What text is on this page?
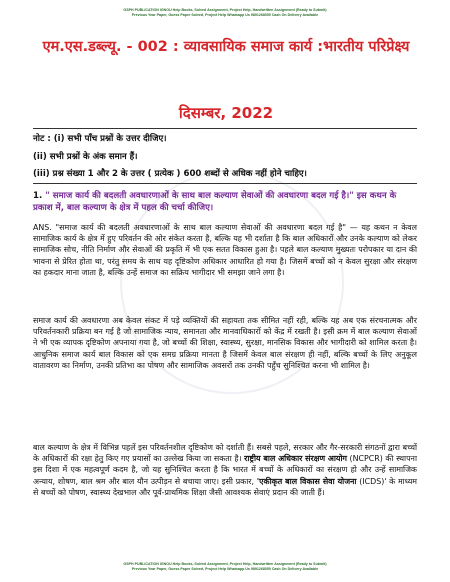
GSPH PUBLICATION IGNOU Help Books, Solved Assignment, Project Help, Handwritten Assignment (Ready to Submit)
Previous Year Paper, Guess Paper Solved, Project Help Whatsapp Us 9891268050 Cash On Delivery Available
एम.एस.डब्ल्यू. - 002 : व्यावसायिक समाज कार्य :भारतीय परिप्रेक्ष्य
दिसम्बर, 2022
नोट : (i) सभी पाँच प्रश्नों के उत्तर दीजिए।
(ii) सभी प्रश्नों के अंक समान हैं।
(iii) प्रश्न संख्या 1 और 2 के उत्तर ( प्रत्येक ) 600 शब्दों से अधिक नहीं होने चाहिए।
1. " समाज कार्य की बदलती अवधारणाओं के साथ बाल कल्याण सेवाओं की अवधारणा बदल गई है।" इस कथन के प्रकाश में, बाल कल्याण के क्षेत्र में पहल की चर्चा कीजिए।
ANS. "समाज कार्य की बदलती अवधारणाओं के साथ बाल कल्याण सेवाओं की अवधारणा बदल गई है" — यह कथन न केवल सामाजिक कार्य के क्षेत्र में हुए परिवर्तन की ओर संकेत करता है, बल्कि यह भी दर्शाता है कि बाल अधिकारों और उनके कल्याण को लेकर सामाजिक सोच, नीति निर्माण और सेवाओं की प्रकृति में भी एक सतत विकास हुआ है। पहले बाल कल्याण मुख्यतः परोपकार या दान की भावना से प्रेरित होता था, परंतु समय के साथ यह दृष्टिकोण अधिकार आधारित हो गया है। जिसमें बच्चों को न केवल सुरक्षा और संरक्षण का हकदार माना जाता है, बल्कि उन्हें समाज का सक्रिय भागीदार भी समझा जाने लगा है।
समाज कार्य की अवधारणा अब केवल संकट में पड़े व्यक्तियों की सहायता तक सीमित नहीं रही, बल्कि यह अब एक संरचनात्मक और परिवर्तनकारी प्रक्रिया बन गई है जो सामाजिक न्याय, समानता और मानवाधिकारों को केंद्र में रखती है। इसी क्रम में बाल कल्याण सेवाओं ने भी एक व्यापक दृष्टिकोण अपनाया गया है, जो बच्चों की शिक्षा, स्वास्थ्य, सुरक्षा, मानसिक विकास और भागीदारी को शामिल करता है। आधुनिक समाज कार्य बाल विकास को एक समग्र प्रक्रिया मानता है जिसमें केवल बाल संरक्षण ही नहीं, बल्कि बच्चों के लिए अनुकूल वातावरण का निर्माण, उनकी प्रतिभा का पोषण और सामाजिक अवसरों तक उनकी पहुँच सुनिश्चित करना भी शामिल है।
बाल कल्याण के क्षेत्र में विभिन्न पहलें इस परिवर्तनशील दृष्टिकोण को दर्शाती हैं। सबसे पहले, सरकार और गैर-सरकारी संगठनों द्वारा बच्चों के अधिकारों की रक्षा हेतु किए गए प्रयासों का उल्लेख किया जा सकता है। राष्ट्रीय बाल अधिकार संरक्षण आयोग (NCPCR) की स्थापना इस दिशा में एक महत्वपूर्ण कदम है, जो यह सुनिश्चित करता है कि भारत में बच्चों के अधिकारों का संरक्षण हो और उन्हें सामाजिक अन्याय, शोषण, बाल श्रम और बाल यौन उत्पीड़न से बचाया जाए। इसी प्रकार, 'एकीकृत बाल विकास सेवा योजना (ICDS)' के माध्यम से बच्चों को पोषण, स्वास्थ्य देखभाल और पूर्व-प्राथमिक शिक्षा जैसी आवश्यक सेवाएं प्रदान की जाती हैं।
GSPH PUBLICATION IGNOU Help Books, Solved Assignment, Project Help, Handwritten Assignment (Ready to Submit)
Previous Year Paper, Guess Paper Solved, Project Help Whatsapp Us 9891268050 Cash On Delivery Available
